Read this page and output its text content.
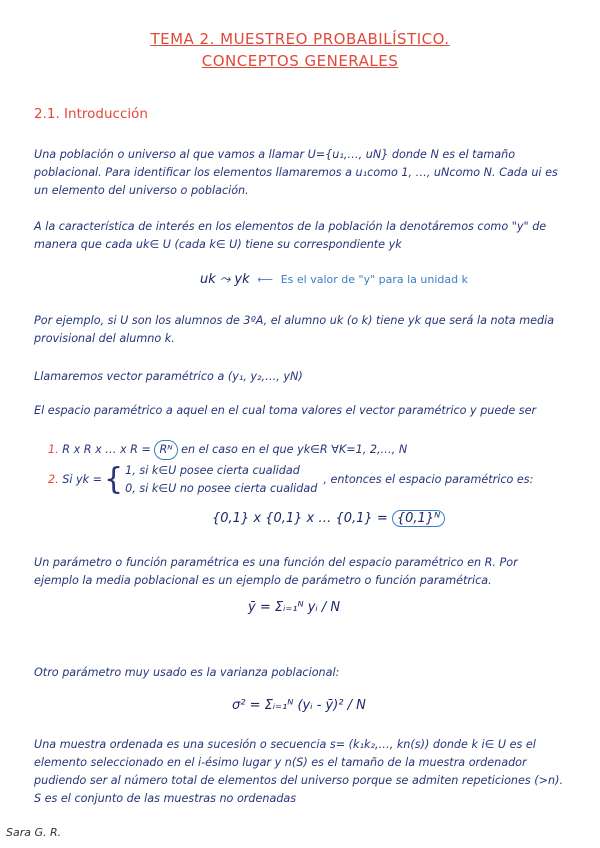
TEMA 2. MUESTREO PROBABILÍSTICO.
CONCEPTOS GENERALES
2.1. Introducción
Una población o universo al que vamos a llamar U={u₁,…, uN} donde N es el tamaño poblacional. Para identificar los elementos llamaremos a u₁como 1, …, uNcomo N. Cada ui es un elemento del universo o población.
A la característica de interés en los elementos de la población la denotáremos como "y" de manera que cada uk∈ U (cada k∈ U) tiene su correspondiente yk
uk ⤳ yk  ⟵  Es el valor de "y" para la unidad k
Por ejemplo, si U son los alumnos de 3ºA, el alumno uk (o k) tiene yk que será la nota media provisional del alumno k.
Llamaremos vector paramétrico a (y₁, y₂,…, yN)
El espacio paramétrico a aquel en el cual toma valores el vector paramétrico y puede ser
1. R x R x … x R = Rᴺ en el caso en el que yk∈R ∀K=1, 2,…, N
2.
Si yk = { 1, si k∈U posee cierta cualidad
0, si k∈U no posee cierta cualidad
, entonces el espacio paramétrico es:
{0,1} x {0,1} x … {0,1} = {0,1}ᴺ
Un parámetro o función paramétrica es una función del espacio paramétrico en R. Por ejemplo la media poblacional es un ejemplo de parámetro o función paramétrica.
ȳ = Σᵢ₌₁ᴺ yᵢ / N
Otro parámetro muy usado es la varianza poblacional:
σ² = Σᵢ₌₁ᴺ (yᵢ - ȳ)² / N
Una muestra ordenada es una sucesión o secuencia s= (k₁k₂,…, kn(s)) donde k i∈ U es el elemento seleccionado en el i-ésimo lugar y n(S) es el tamaño de la muestra ordenador pudiendo ser al número total de elementos del universo porque se admiten repeticiones (>n). S es el conjunto de las muestras no ordenadas
Sara G. R.
